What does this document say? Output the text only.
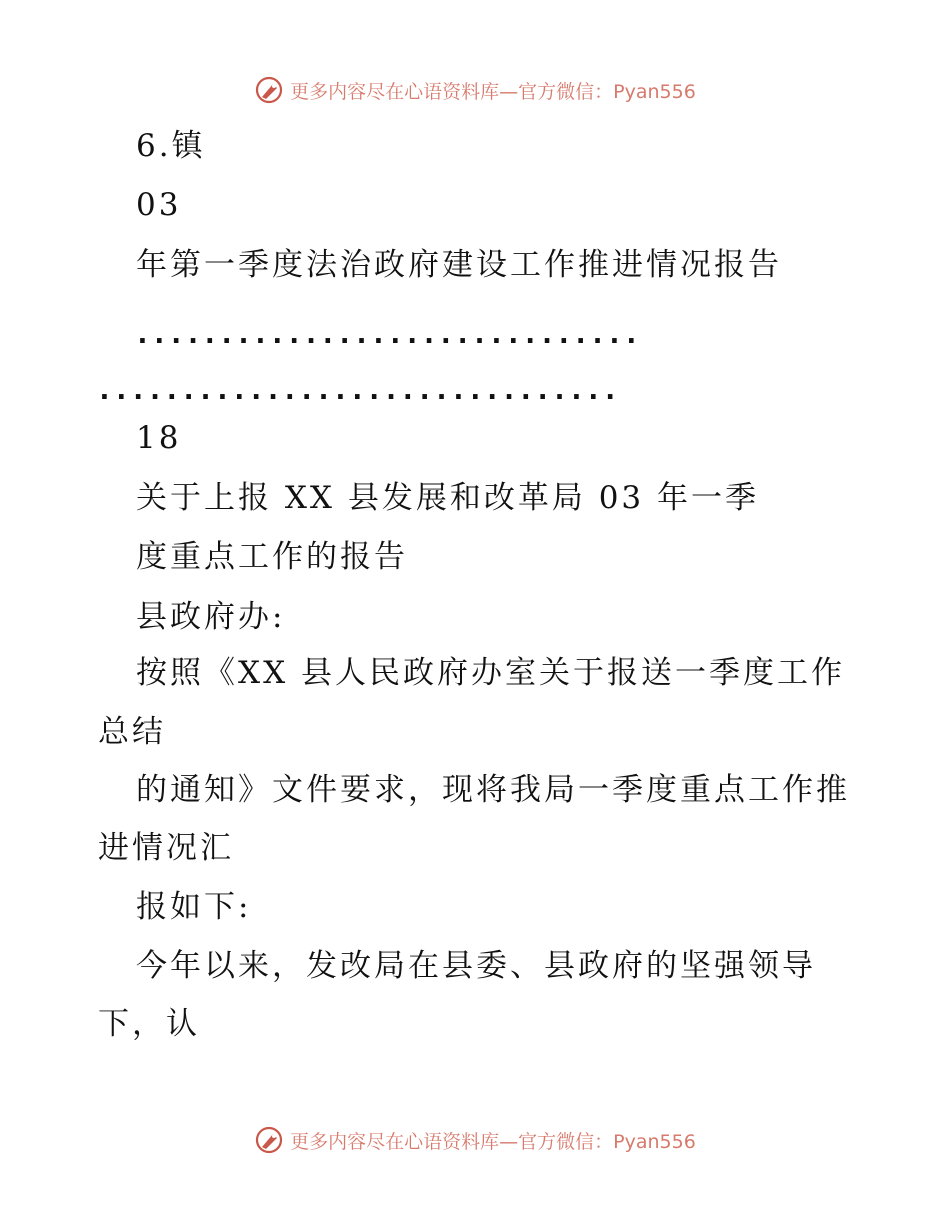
更多内容尽在心语资料库—官方微信：Pyan556
6.镇
03
年第一季度法治政府建设工作推进情况报告
..............................
...............................
18
关于上报 XX 县发展和改革局 03 年一季
度重点工作的报告
县政府办:
按照《XX 县人民政府办室关于报送一季度工作
总结
的通知》文件要求，现将我局一季度重点工作推
进情况汇
报如下:
今年以来，发改局在县委、县政府的坚强领导
下，认
更多内容尽在心语资料库—官方微信：Pyan556
